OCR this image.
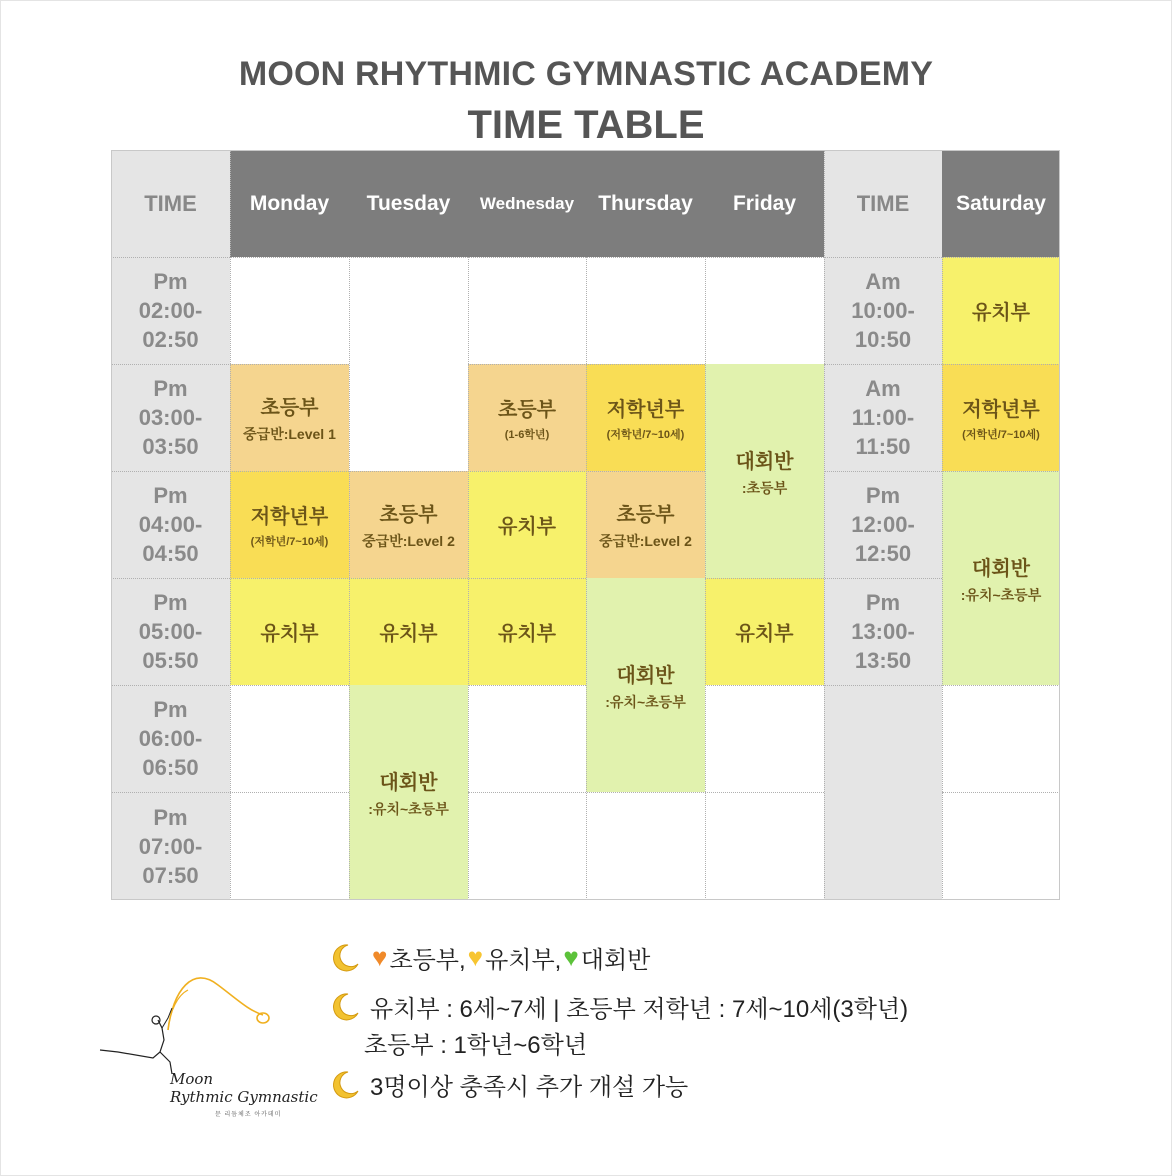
MOON RHYTHMIC GYMNASTIC ACADEMY
TIME TABLE
TIME	Monday Tuesday Wednesday Thursday Friday	TIME Saturday
Pm
02:00-
02:50
Pm
03:00-
03:50
Pm
04:00-
04:50
Pm
05:00-
05:50
Pm
06:00-
06:50
Pm
07:00-
07:50
Am
10:00-
10:50
Am
11:00-
11:50
Pm
12:00-
12:50
Pm
13:00-
13:50
초등부
중급반:Level 1
저학년부
(저학년/7~10세)
유치부
초등부
중급반:Level 2
유치부
대회반
:유치~초등부
초등부
(1-6학년)
유치부
유치부
저학년부
(저학년/7~10세)
초등부
중급반:Level 2
대회반
:유치~초등부
대회반
:초등부
유치부
유치부
저학년부
(저학년/7~10세)
대회반
:유치~초등부
♥ 초등부, ♥ 유치부, ♥ 대회반
유치부 : 6세~7세 | 초등부 저학년 : 7세~10세(3학년)
초등부 : 1학년~6학년
3명이상 충족시 추가 개설 가능
Moon
Rythmic Gymnastic
문 리듬체조 아카데미
